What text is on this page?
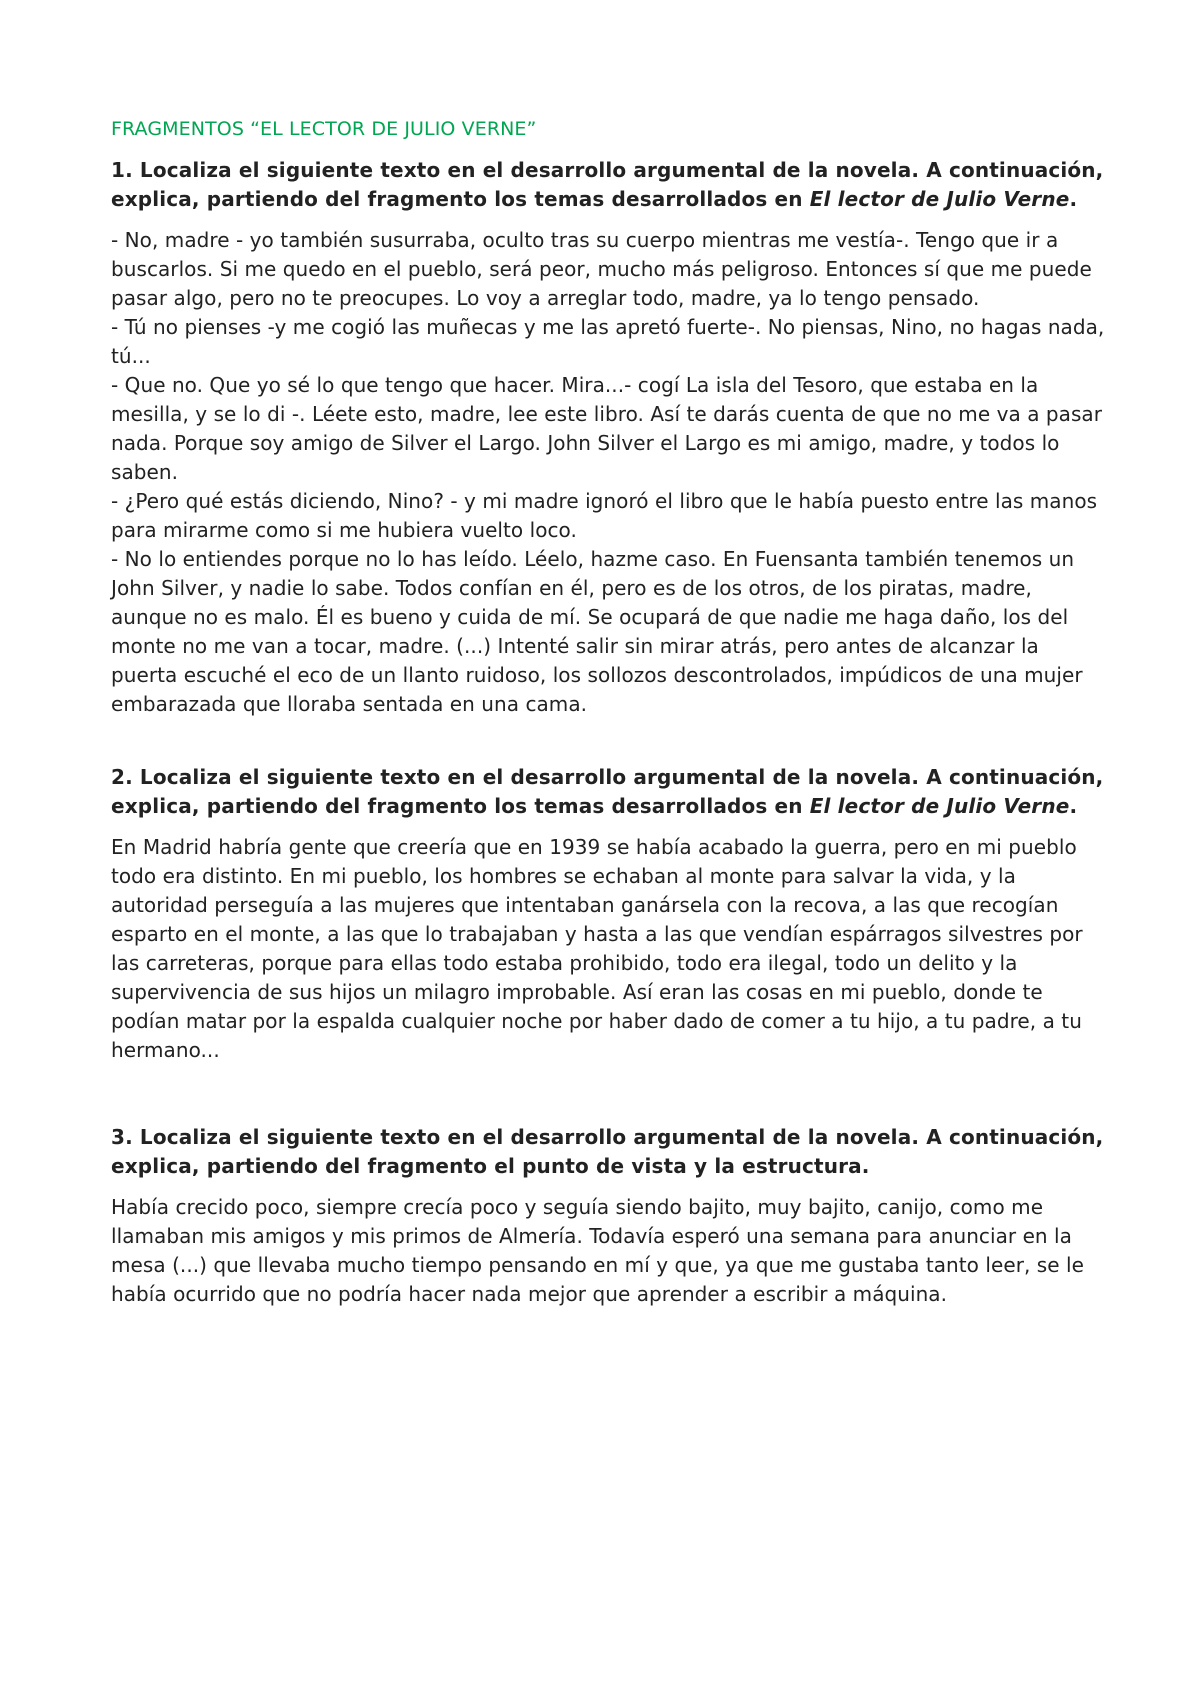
FRAGMENTOS “EL LECTOR DE JULIO VERNE”
1. Localiza el siguiente texto en el desarrollo argumental de la novela. A continuación, explica, partiendo del fragmento los temas desarrollados en El lector de Julio Verne.

- No, madre - yo también susurraba, oculto tras su cuerpo mientras me vestía-. Tengo que ir a buscarlos. Si me quedo en el pueblo, será peor, mucho más peligroso. Entonces sí que me puede pasar algo, pero no te preocupes. Lo voy a arreglar todo, madre, ya lo tengo pensado.

- Tú no pienses -y me cogió las muñecas y me las apretó fuerte-. No piensas, Nino, no hagas nada, tú...

- Que no. Que yo sé lo que tengo que hacer. Mira...- cogí La isla del Tesoro, que estaba en la mesilla, y se lo di -. Léete esto, madre, lee este libro. Así te darás cuenta de que no me va a pasar nada. Porque soy amigo de Silver el Largo. John Silver el Largo es mi amigo, madre, y todos lo saben.

- ¿Pero qué estás diciendo, Nino? - y mi madre ignoró el libro que le había puesto entre las manos para mirarme como si me hubiera vuelto loco.

- No lo entiendes porque no lo has leído. Léelo, hazme caso. En Fuensanta también tenemos un John Silver, y nadie lo sabe. Todos confían en él, pero es de los otros, de los piratas, madre, aunque no es malo. Él es bueno y cuida de mí. Se ocupará de que nadie me haga daño, los del monte no me van a tocar, madre. (...) Intenté salir sin mirar atrás, pero antes de alcanzar la puerta escuché el eco de un llanto ruidoso, los sollozos descontrolados, impúdicos de una mujer embarazada que lloraba sentada en una cama.

2. Localiza el siguiente texto en el desarrollo argumental de la novela. A continuación, explica, partiendo del fragmento los temas desarrollados en El lector de Julio Verne.

En Madrid habría gente que creería que en 1939 se había acabado la guerra, pero en mi pueblo todo era distinto. En mi pueblo, los hombres se echaban al monte para salvar la vida, y la autoridad perseguía a las mujeres que intentaban ganársela con la recova, a las que recogían esparto en el monte, a las que lo trabajaban y hasta a las que vendían espárragos silvestres por las carreteras, porque para ellas todo estaba prohibido, todo era ilegal, todo un delito y la supervivencia de sus hijos un milagro improbable. Así eran las cosas en mi pueblo, donde te podían matar por la espalda cualquier noche por haber dado de comer a tu hijo, a tu padre, a tu hermano...

3. Localiza el siguiente texto en el desarrollo argumental de la novela. A continuación, explica, partiendo del fragmento el punto de vista y la estructura.

Había crecido poco, siempre crecía poco y seguía siendo bajito, muy bajito, canijo, como me llamaban mis amigos y mis primos de Almería. Todavía esperó una semana para anunciar en la mesa (...) que llevaba mucho tiempo pensando en mí y que, ya que me gustaba tanto leer, se le había ocurrido que no podría hacer nada mejor que aprender a escribir a máquina.
